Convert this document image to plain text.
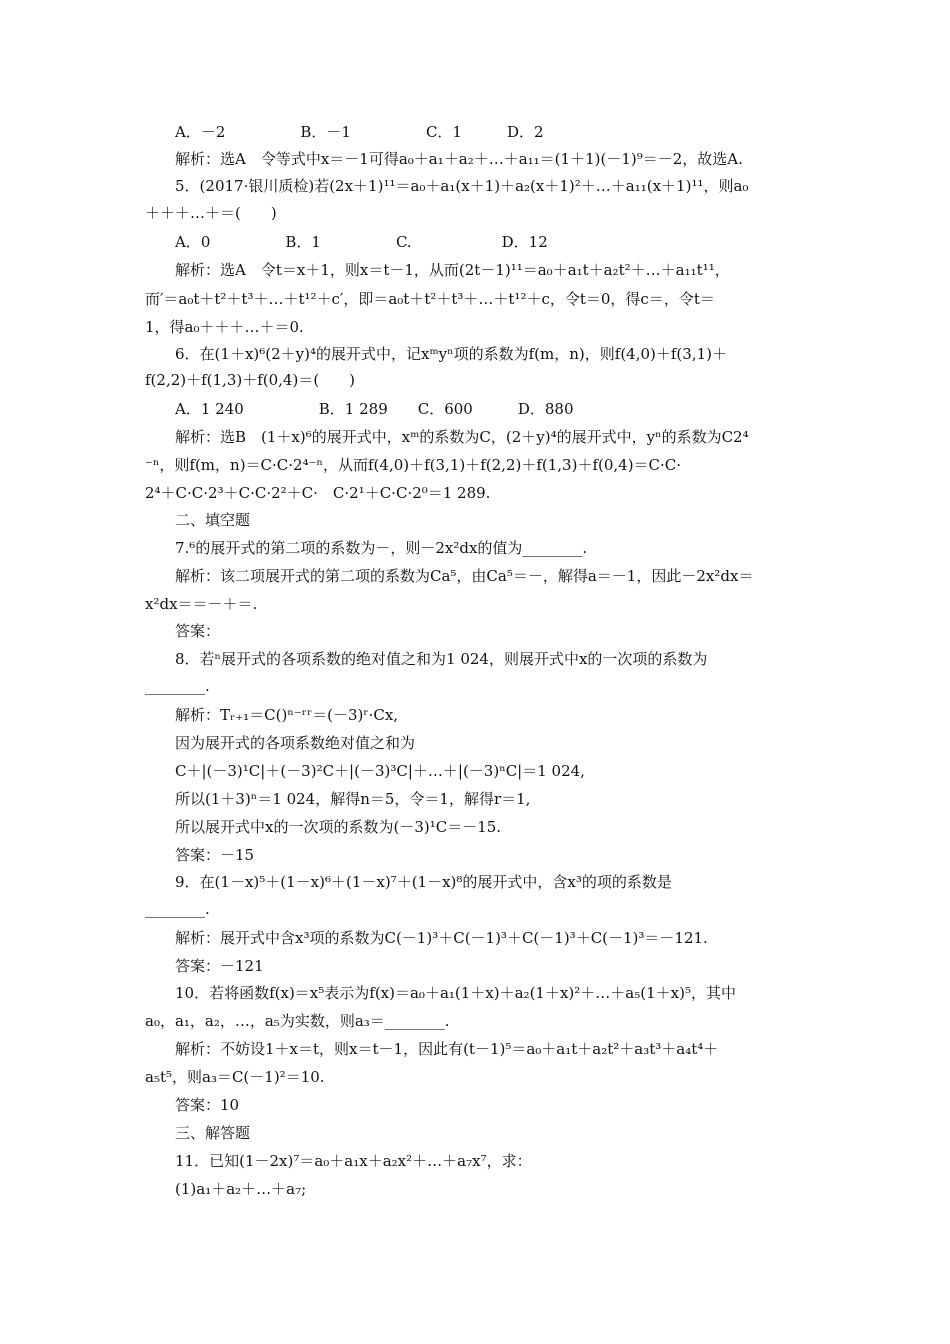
A．－2　　　　　B．－1　　　　　C．1　　　D．2
解析：选A　令等式中x＝－1可得a₀＋a₁＋a₂＋…＋a₁₁＝(1＋1)(－1)⁹＝－2，故选A.
5．(2017·银川质检)若(2x＋1)¹¹＝a₀＋a₁(x＋1)＋a₂(x＋1)²＋…＋a₁₁(x＋1)¹¹，则a₀
＋＋＋…＋＝(　　)
A．0　　　　　B．1　　　　　C.　　　　　　D．12
解析：选A　令t＝x＋1，则x＝t－1，从而(2t－1)¹¹＝a₀＋a₁t＋a₂t²＋…＋a₁₁t¹¹，
而′＝a₀t＋t²＋t³＋…＋t¹²＋c′，即＝a₀t＋t²＋t³＋…＋t¹²＋c，令t＝0，得c＝，令t＝
1，得a₀＋＋＋…＋＝0.
6．在(1＋x)⁶(2＋y)⁴的展开式中，记xᵐyⁿ项的系数为f(m，n)，则f(4,0)＋f(3,1)＋
f(2,2)＋f(1,3)＋f(0,4)＝(　　)
A．1 240　　　　　B．1 289　　C．600　　　D．880
解析：选B　(1＋x)⁶的展开式中，xᵐ的系数为C，(2＋y)⁴的展开式中，yⁿ的系数为C2⁴
⁻ⁿ，则f(m，n)＝C·C·2⁴⁻ⁿ，从而f(4,0)＋f(3,1)＋f(2,2)＋f(1,3)＋f(0,4)＝C·C·
2⁴＋C·C·2³＋C·C·2²＋C·　C·2¹＋C·C·2⁰＝1 289.
二、填空题
7.⁶的展开式的第二项的系数为－，则－2x²dx的值为________.
解析：该二项展开式的第二项的系数为Ca⁵，由Ca⁵＝－，解得a＝－1，因此－2x²dx＝
x²dx＝＝－＋＝.
答案：
8．若ⁿ展开式的各项系数的绝对值之和为1 024，则展开式中x的一次项的系数为
________.
解析：Tᵣ₊₁＝C()ⁿ⁻ʳʳ＝(－3)ʳ·Cx,
因为展开式的各项系数绝对值之和为
C＋|(－3)¹C|＋(－3)²C＋|(－3)³C|＋…＋|(－3)ⁿC|＝1 024,
所以(1＋3)ⁿ＝1 024，解得n＝5，令＝1，解得r＝1,
所以展开式中x的一次项的系数为(－3)¹C＝－15.
答案：－15
9．在(1－x)⁵＋(1－x)⁶＋(1－x)⁷＋(1－x)⁸的展开式中，含x³的项的系数是
________.
解析：展开式中含x³项的系数为C(－1)³＋C(－1)³＋C(－1)³＋C(－1)³＝－121.
答案：－121
10．若将函数f(x)＝x⁵表示为f(x)＝a₀＋a₁(1＋x)＋a₂(1＋x)²＋…＋a₅(1＋x)⁵，其中
a₀，a₁，a₂，…，a₅为实数，则a₃＝________.
解析：不妨设1＋x＝t，则x＝t－1，因此有(t－1)⁵＝a₀＋a₁t＋a₂t²＋a₃t³＋a₄t⁴＋
a₅t⁵，则a₃＝C(－1)²＝10.
答案：10
三、解答题
11．已知(1－2x)⁷＝a₀＋a₁x＋a₂x²＋…＋a₇x⁷，求：
(1)a₁＋a₂＋…＋a₇;
